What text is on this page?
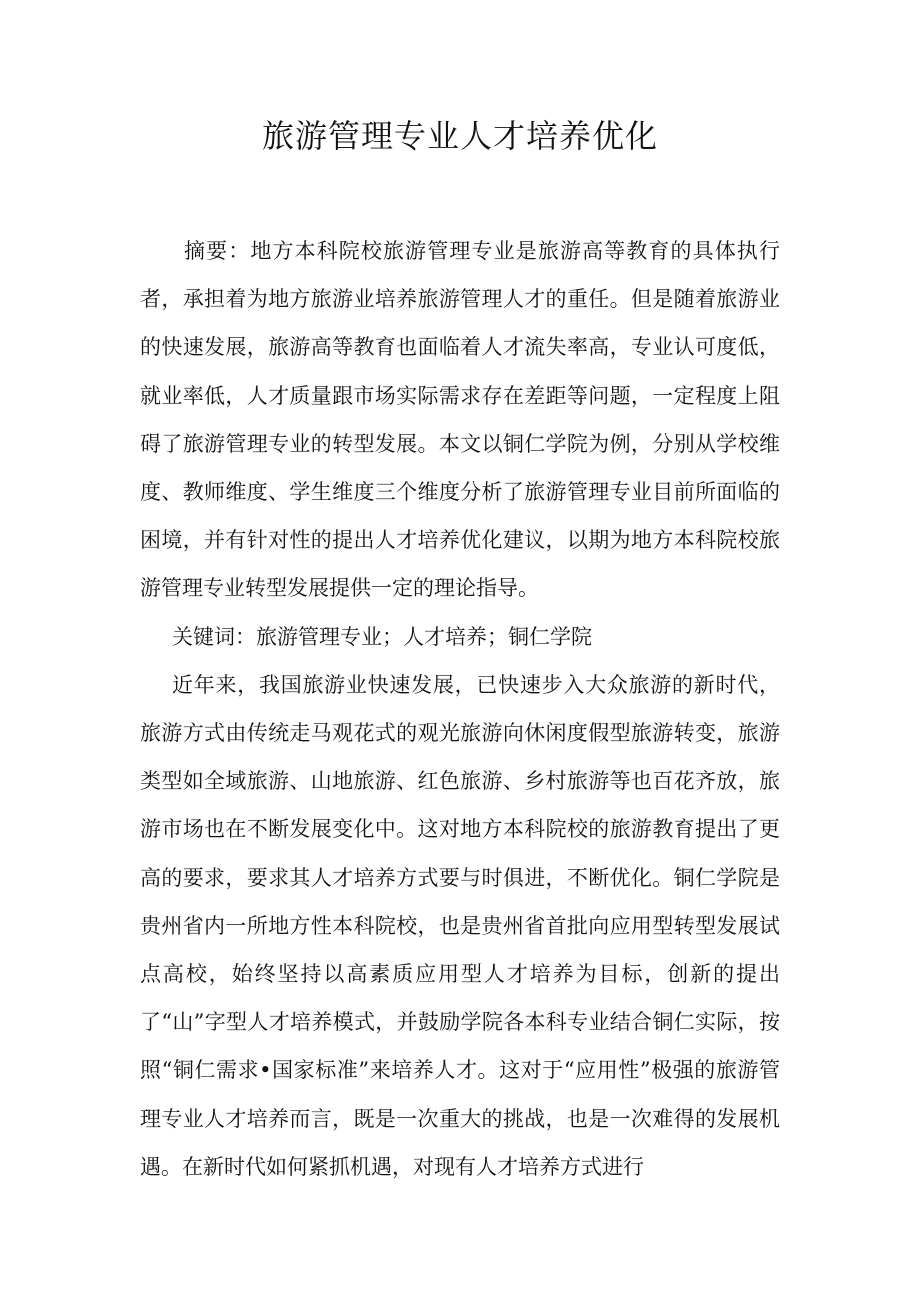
旅游管理专业人才培养优化

摘要：地方本科院校旅游管理专业是旅游高等教育的具体执行者，承担着为地方旅游业培养旅游管理人才的重任。但是随着旅游业的快速发展，旅游高等教育也面临着人才流失率高，专业认可度低，就业率低，人才质量跟市场实际需求存在差距等问题，一定程度上阻碍了旅游管理专业的转型发展。本文以铜仁学院为例，分别从学校维度、教师维度、学生维度三个维度分析了旅游管理专业目前所面临的困境，并有针对性的提出人才培养优化建议，以期为地方本科院校旅游管理专业转型发展提供一定的理论指导。

关键词：旅游管理专业；人才培养；铜仁学院

近年来，我国旅游业快速发展，已快速步入大众旅游的新时代，旅游方式由传统走马观花式的观光旅游向休闲度假型旅游转变，旅游类型如全域旅游、山地旅游、红色旅游、乡村旅游等也百花齐放，旅游市场也在不断发展变化中。这对地方本科院校的旅游教育提出了更高的要求，要求其人才培养方式要与时俱进，不断优化。铜仁学院是贵州省内一所地方性本科院校，也是贵州省首批向应用型转型发展试点高校，始终坚持以高素质应用型人才培养为目标，创新的提出了“山”字型人才培养模式，并鼓励学院各本科专业结合铜仁实际，按照“铜仁需求•国家标准”来培养人才。这对于“应用性”极强的旅游管理专业人才培养而言，既是一次重大的挑战，也是一次难得的发展机遇。在新时代如何紧抓机遇，对现有人才培养方式进行
